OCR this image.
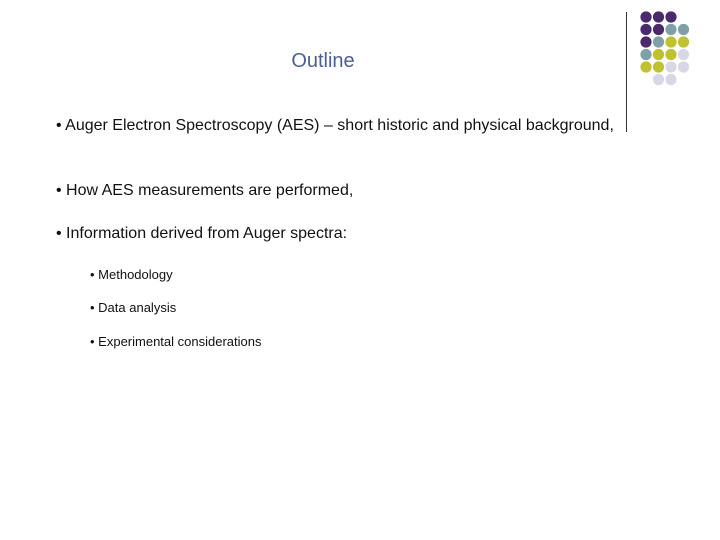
Outline
• Auger Electron Spectroscopy (AES) – short historic and physical background,
• How AES measurements are performed,
• Information derived from Auger spectra:
• Methodology
• Data analysis
• Experimental considerations
